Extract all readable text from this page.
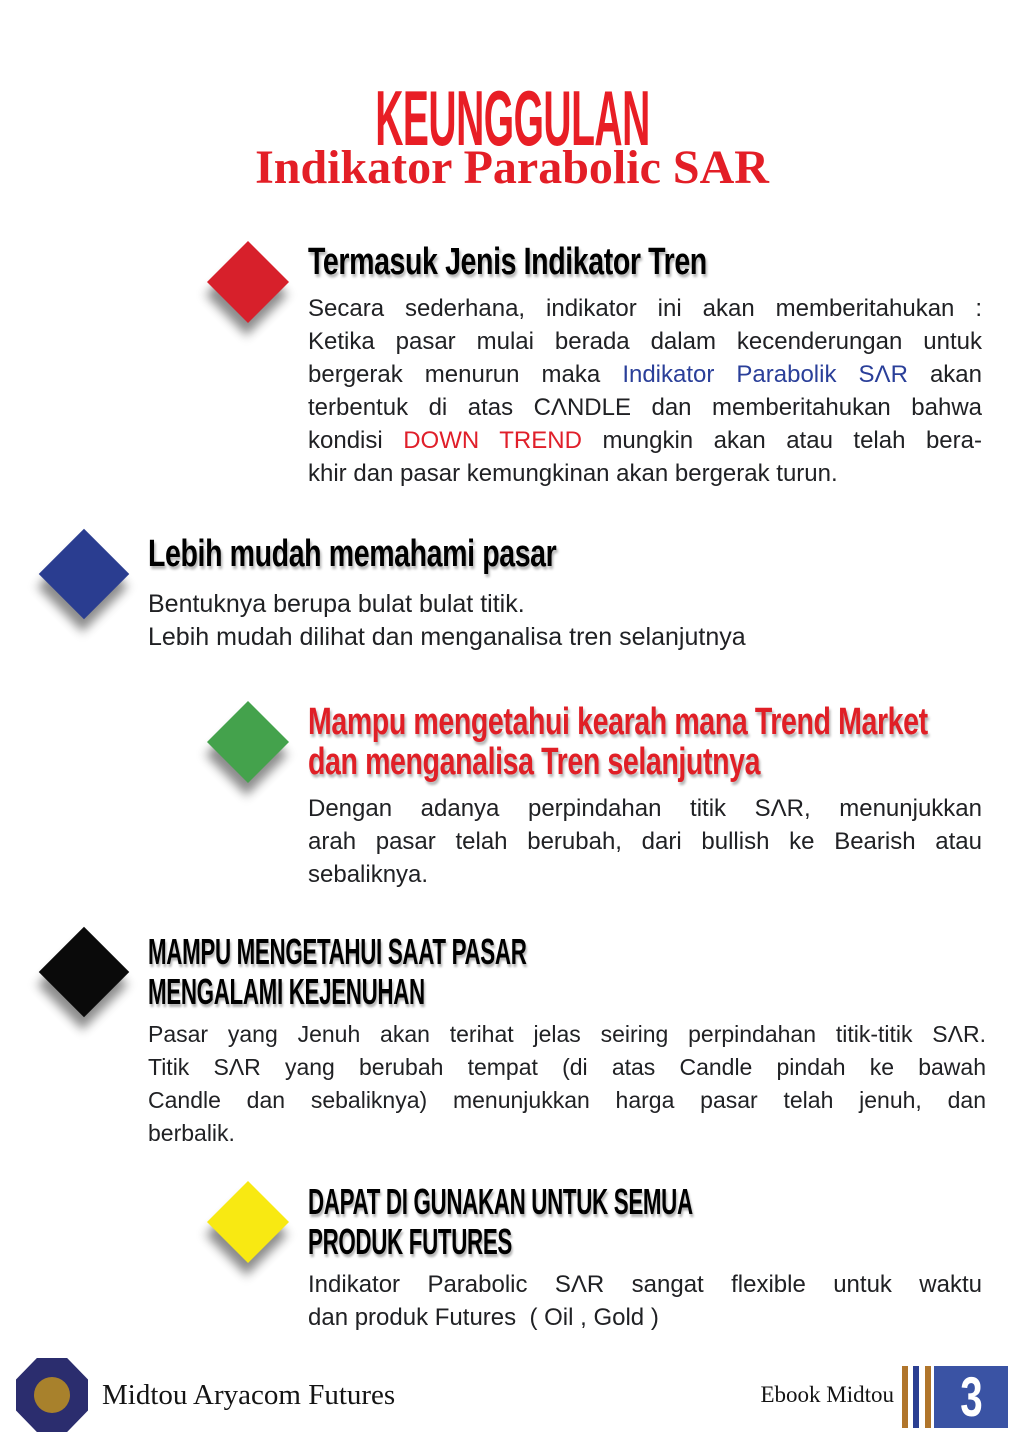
KEUNGGULAN
Indikator Parabolic SAR
Termasuk Jenis Indikator Tren
Secara sederhana, indikator ini akan memberitahukan :
Ketika pasar mulai berada dalam kecenderungan untuk
bergerak menurun maka Indikator Parabolik SΛR akan
terbentuk di atas CΛNDLE dan memberitahukan bahwa
kondisi DOWN TREND mungkin akan atau telah bera-
khir dan pasar kemungkinan akan bergerak turun.
Lebih mudah memahami pasar
Bentuknya berupa bulat bulat titik.
Lebih mudah dilihat dan menganalisa tren selanjutnya
Mampu mengetahui kearah mana Trend Market
dan menganalisa Tren selanjutnya
Dengan adanya perpindahan titik SΛR, menunjukkan
arah pasar telah berubah, dari bullish ke Bearish atau
sebaliknya.
MAMPU MENGETAHUI SAAT PASAR
MENGALAMI KEJENUHAN
Pasar yang Jenuh akan terihat jelas seiring perpindahan titik-titik SΛR.
Titik SΛR yang berubah tempat (di atas Candle pindah ke bawah
Candle dan sebaliknya) menunjukkan harga pasar telah jenuh, dan
berbalik.
DAPAT DI GUNAKAN UNTUK SEMUA
PRODUK FUTURES
Indikator Parabolic SΛR sangat flexible untuk waktu
dan produk Futures  ( Oil , Gold )
Midtou Aryacom Futures	Ebook Midtou 3
